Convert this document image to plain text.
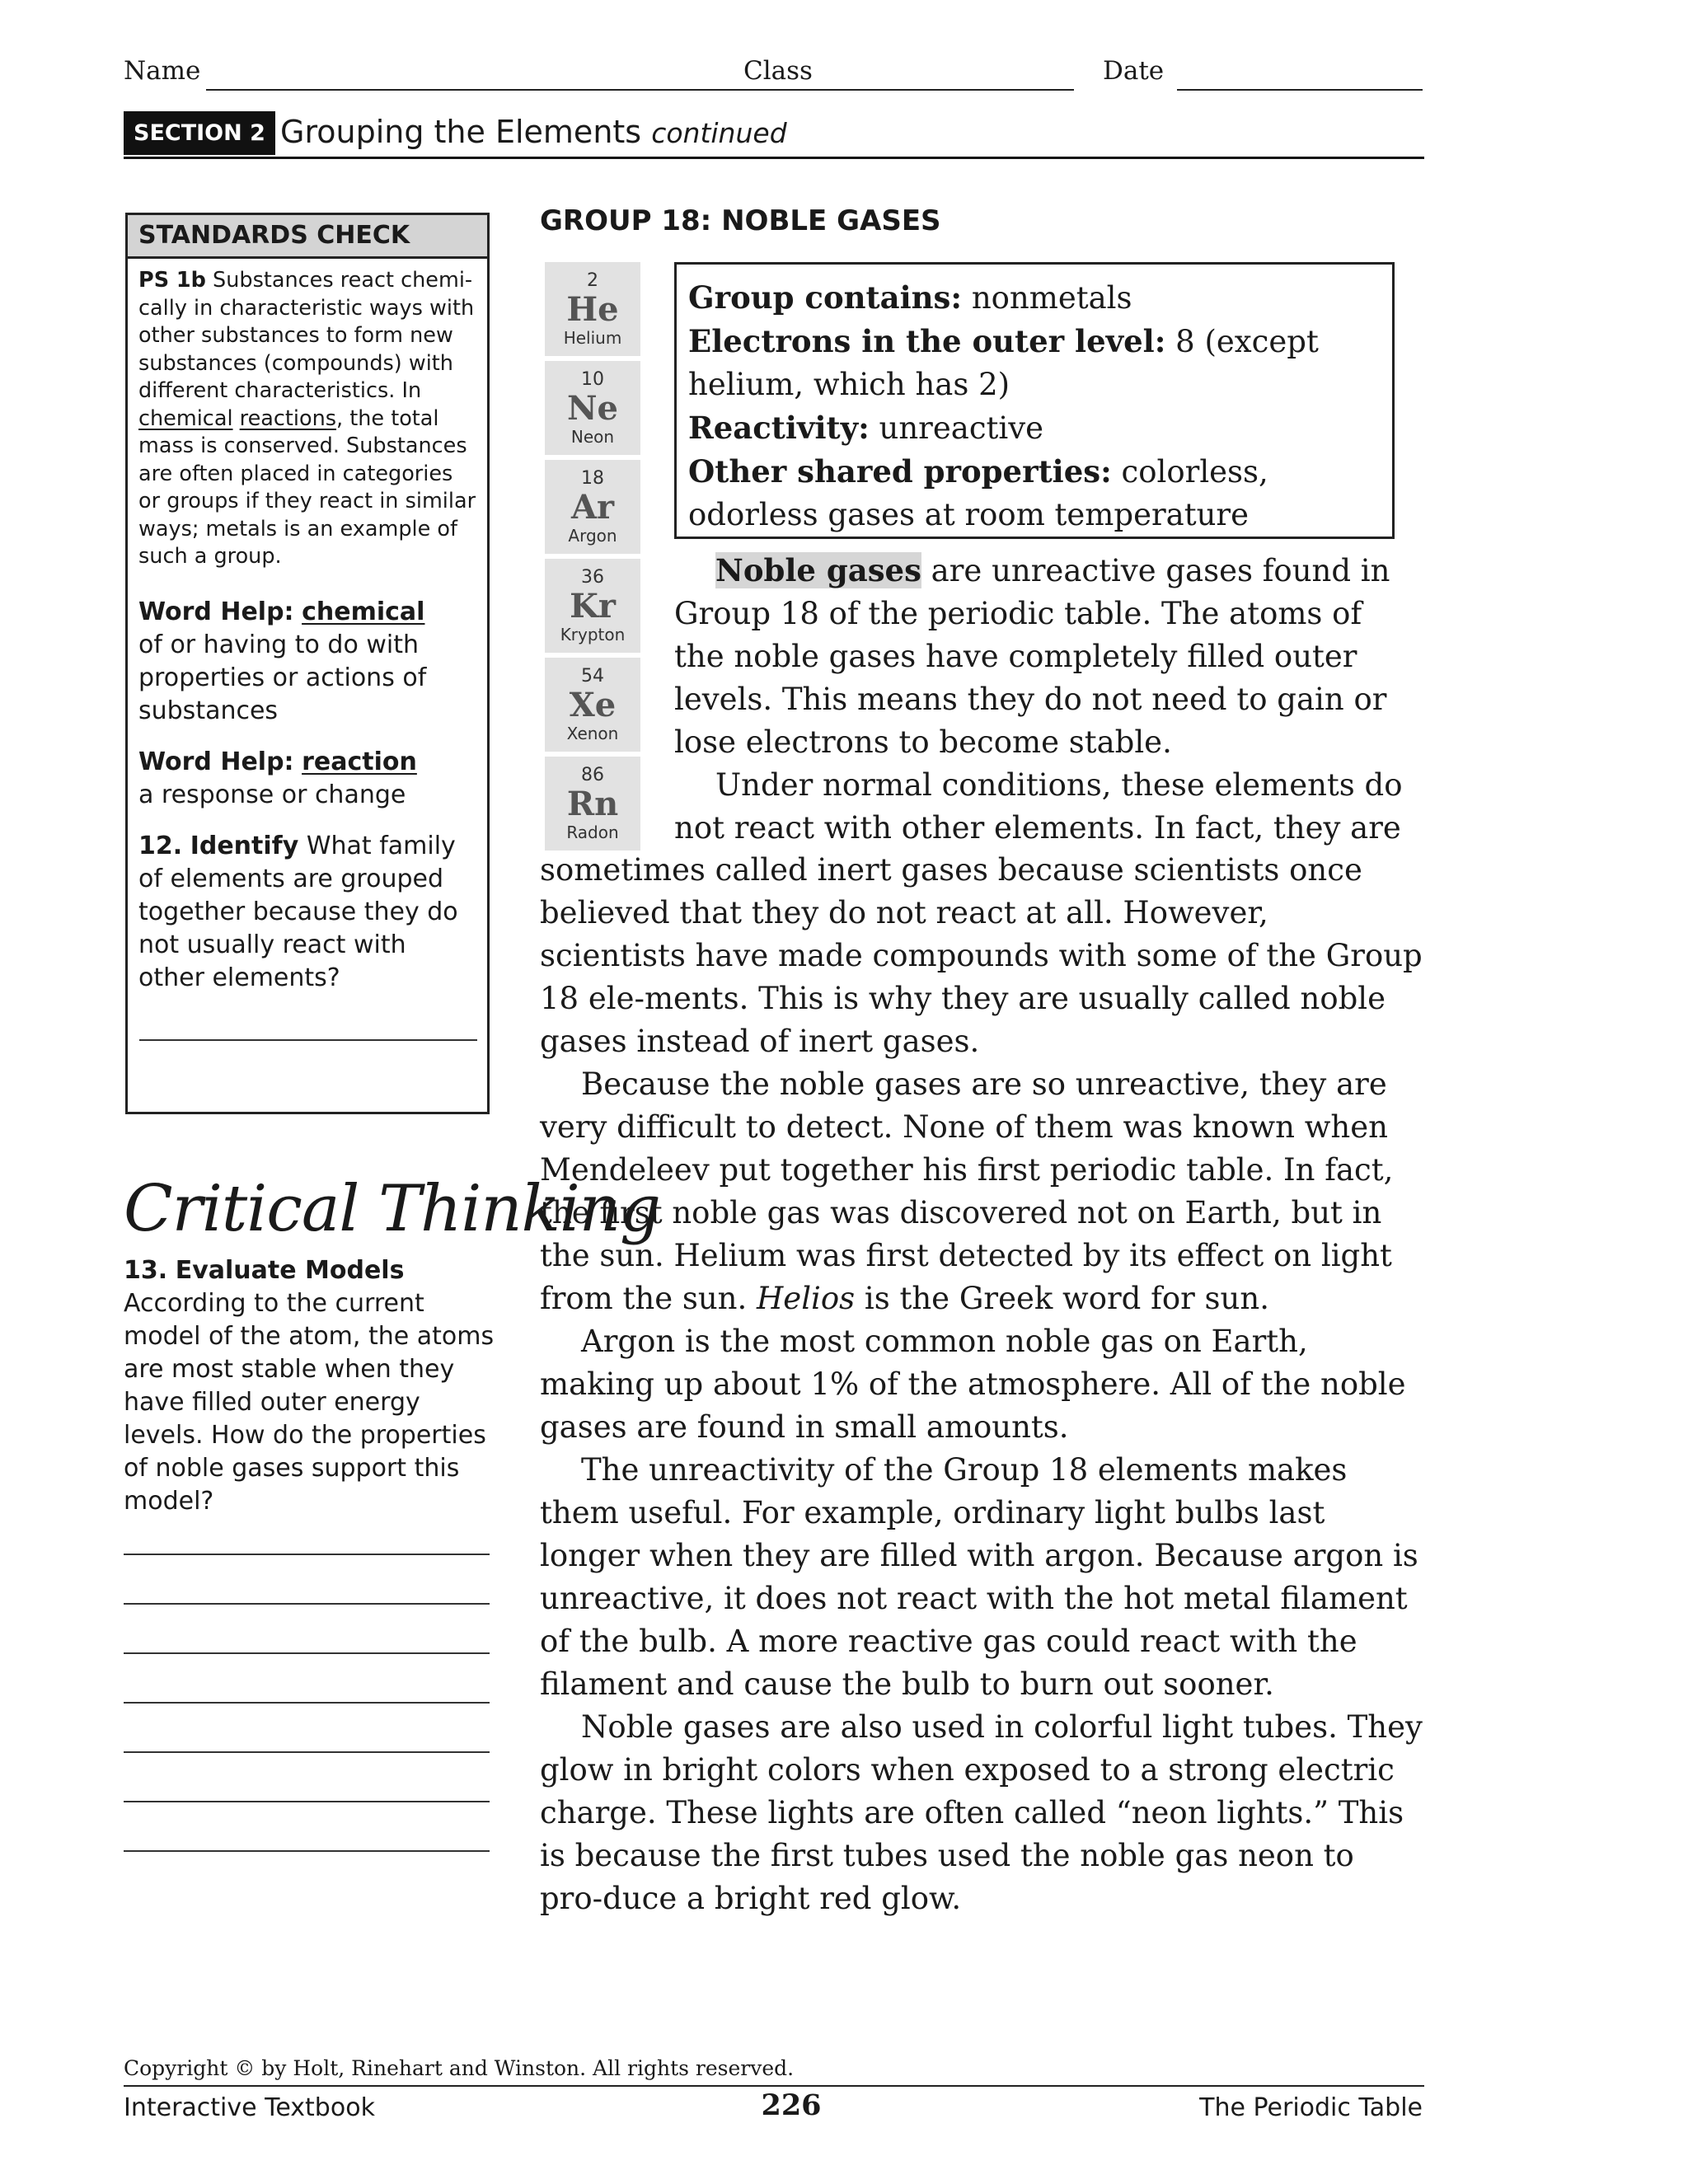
Name	Class	Date
SECTION 2 Grouping the Elements continued
STANDARDS CHECK

PS 1b Substances react chemi-cally in characteristic ways with other substances to form new substances (compounds) with different characteristics. In chemical reactions, the total mass is conserved. Substances are often placed in categories or groups if they react in similar ways; metals is an example of such a group.

Word Help: chemical
of or having to do with properties or actions of substances

Word Help: reaction
a response or change

12. Identify What family of elements are grouped together because they do not usually react with other elements?

Critical Thinking
13. Evaluate Models
According to the current model of the atom, the atoms are most stable when they have filled outer energy levels. How do the properties of noble gases support this model?
GROUP 18: NOBLE GASES
2
He
Helium
10
Ne
Neon
18
Ar
Argon
36
Kr
Krypton
54
Xe
Xenon
86
Rn
Radon
Group contains: nonmetals
Electrons in the outer level: 8 (except helium, which has 2)
Reactivity: unreactive
Other shared properties: colorless, odorless gases at room temperature

Noble gases are unreactive gases found in Group 18 of the periodic table. The atoms of the noble gases have completely filled outer levels. This means they do not need to gain or lose electrons to become stable.

Under normal conditions, these elements do not react with other elements. In fact, they are

sometimes called inert gases because scientists once believed that they do not react at all. However, scientists have made compounds with some of the Group 18 ele-ments. This is why they are usually called noble gases instead of inert gases.

Because the noble gases are so unreactive, they are very difficult to detect. None of them was known when Mendeleev put together his first periodic table. In fact, the first noble gas was discovered not on Earth, but in the sun. Helium was first detected by its effect on light from the sun. Helios is the Greek word for sun.

Argon is the most common noble gas on Earth, making up about 1% of the atmosphere. All of the noble gases are found in small amounts.

The unreactivity of the Group 18 elements makes them useful. For example, ordinary light bulbs last longer when they are filled with argon. Because argon is unreactive, it does not react with the hot metal filament of the bulb. A more reactive gas could react with the filament and cause the bulb to burn out sooner.

Noble gases are also used in colorful light tubes. They glow in bright colors when exposed to a strong electric charge. These lights are often called “neon lights.” This is because the first tubes used the noble gas neon to pro-duce a bright red glow.

Copyright © by Holt, Rinehart and Winston. All rights reserved.
Interactive Textbook	226	The Periodic Table
